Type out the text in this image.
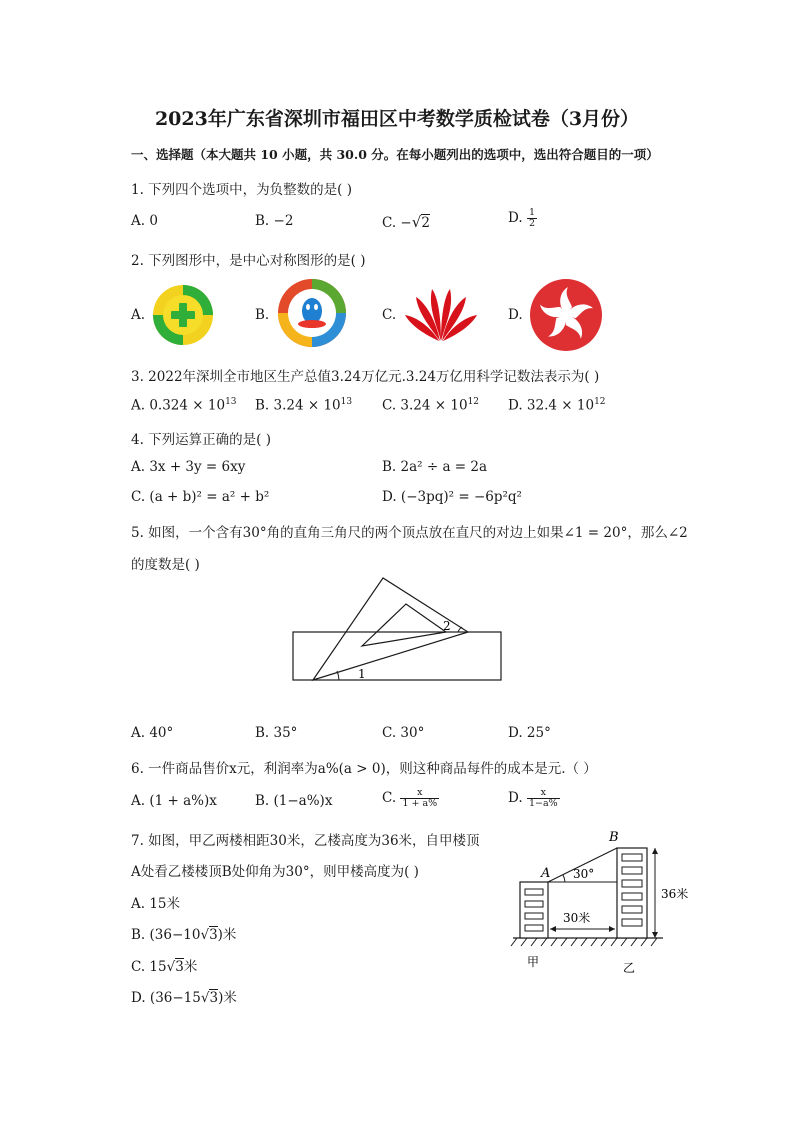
2023年广东省深圳市福田区中考数学质检试卷（3月份）
一、选择题（本大题共 10 小题，共 30.0 分。在每小题列出的选项中，选出符合题目的一项）
1. 下列四个选项中，为负整数的是( )
A. 0	B. −2	C. −√2	D. $\frac{1}{2}$
2. 下列图形中，是中心对称图形的是( )
A.	B.	C.	D.
3. 2022年深圳全市地区生产总值3.24万亿元.3.24万亿用科学记数法表示为( )
A. $0.324 \times 10^{13}$ B. $3.24 \times 10^{13}$ C. $3.24 \times 10^{12}$ D. $32.4 \times 10^{12}$
4. 下列运算正确的是( )
A. 3x + 3y = 6xy	B. 2a² ÷ a = 2a
C. (a + b)² = a² + b²	D. (−3pq)² = −6p²q²
5. 如图，一个含有30°角的直角三角尺的两个顶点放在直尺的对边上如果∠1 = 20°，那么∠2
的度数是( )
1
2
A. 40°	B. 35°	C. 30°	D. 25°
6. 一件商品售价x元，利润率为a%(a > 0)，则这种商品每件的成本是元.（ ）
A. (1 + a%)x	B. (1−a%)x	C. $\frac{x}{1 + a\%}$	D. $\frac{x}{1-a\%}$
7. 如图，甲乙两楼相距30米，乙楼高度为36米，自甲楼顶
A处看乙楼楼顶B处仰角为30°，则甲楼高度为( )
A. 15米
B. (36−10√3)米
C. 15√3米
D. (36−15√3)米
A
B
30°
30米
36米
甲	乙
